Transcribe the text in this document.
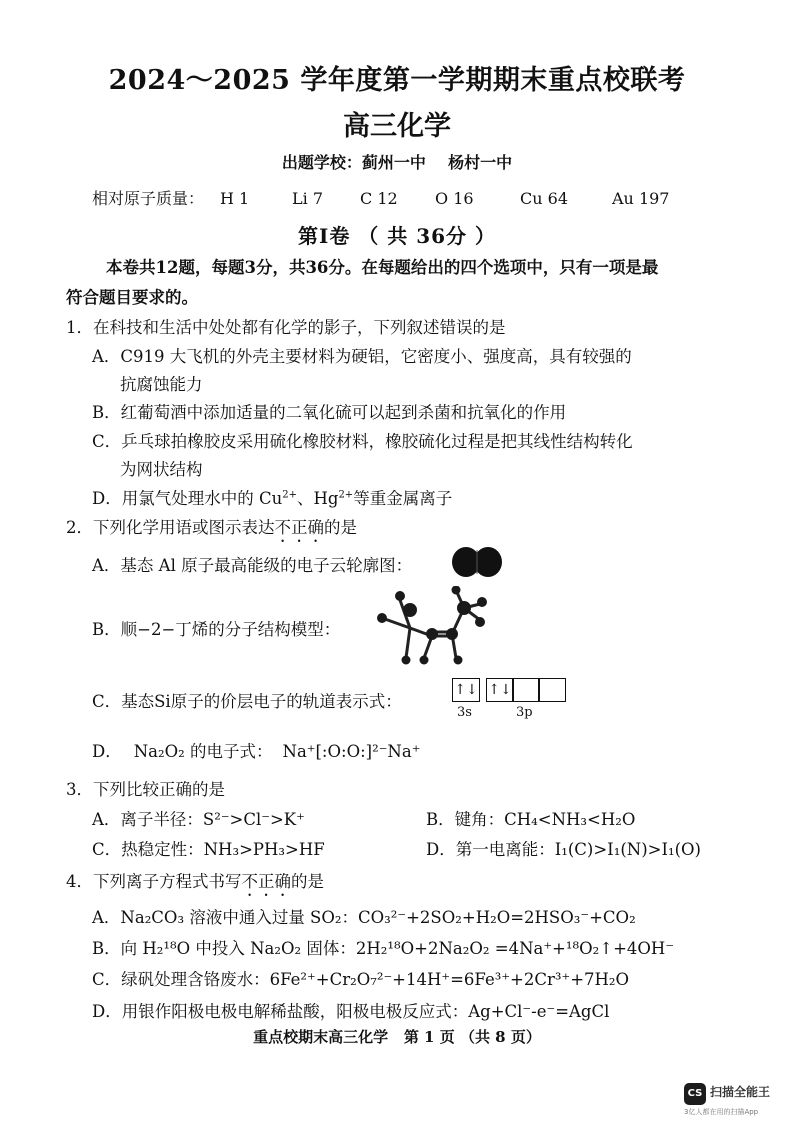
2024～2025 学年度第一学期期末重点校联考
高三化学
出题学校：蓟州一中    杨村一中
相对原子质量： H 1	Li 7 C 12 O 16	Cu 64	Au 197
第Ⅰ卷 （ 共 36分 ）
本卷共12题，每题3分，共36分。在每题给出的四个选项中，只有一项是最
符合题目要求的。
1．在科技和生活中处处都有化学的影子，下列叙述错误的是
A．C919 大飞机的外壳主要材料为硬铝，它密度小、强度高，具有较强的
抗腐蚀能力
B．红葡萄酒中添加适量的二氧化硫可以起到杀菌和抗氧化的作用
C．乒乓球拍橡胶皮采用硫化橡胶材料，橡胶硫化过程是把其线性结构转化
为网状结构
D．用氯气处理水中的 $Cu^{2+}$、$Hg^{2+}$等重金属离子
2．下列化学用语或图示表达不正确的是
A．基态 Al 原子最高能级的电子云轮廓图：
B．顺−2−丁烯的分子结构模型：
C．基态Si原子的价层电子的轨道表示式：
↑↓ ↑↓
3s	3p
D． Na₂O₂ 的电子式： Na⁺[:O:O:]²⁻Na⁺
3．下列比较正确的是
A．离子半径：S²⁻>Cl⁻>K⁺	B．键角：CH₄<NH₃<H₂O
C．热稳定性：NH₃>PH₃>HF	D．第一电离能：I₁(C)>I₁(N)>I₁(O)
4．下列离子方程式书写不正确的是
A．Na₂CO₃ 溶液中通入过量 SO₂：CO₃²⁻+2SO₂+H₂O=2HSO₃⁻+CO₂
B．向 H₂¹⁸O 中投入 Na₂O₂ 固体：2H₂¹⁸O+2Na₂O₂ =4Na⁺+¹⁸O₂↑+4OH⁻
C．绿矾处理含铬废水：6Fe²⁺+Cr₂O₇²⁻+14H⁺=6Fe³⁺+2Cr³⁺+7H₂O
D．用银作阳极电极电解稀盐酸，阳极电极反应式：Ag+Cl⁻-e⁻=AgCl
重点校期末高三化学   第 1 页 （共 8 页）
CS 扫描全能王
3亿人都在用的扫描App
